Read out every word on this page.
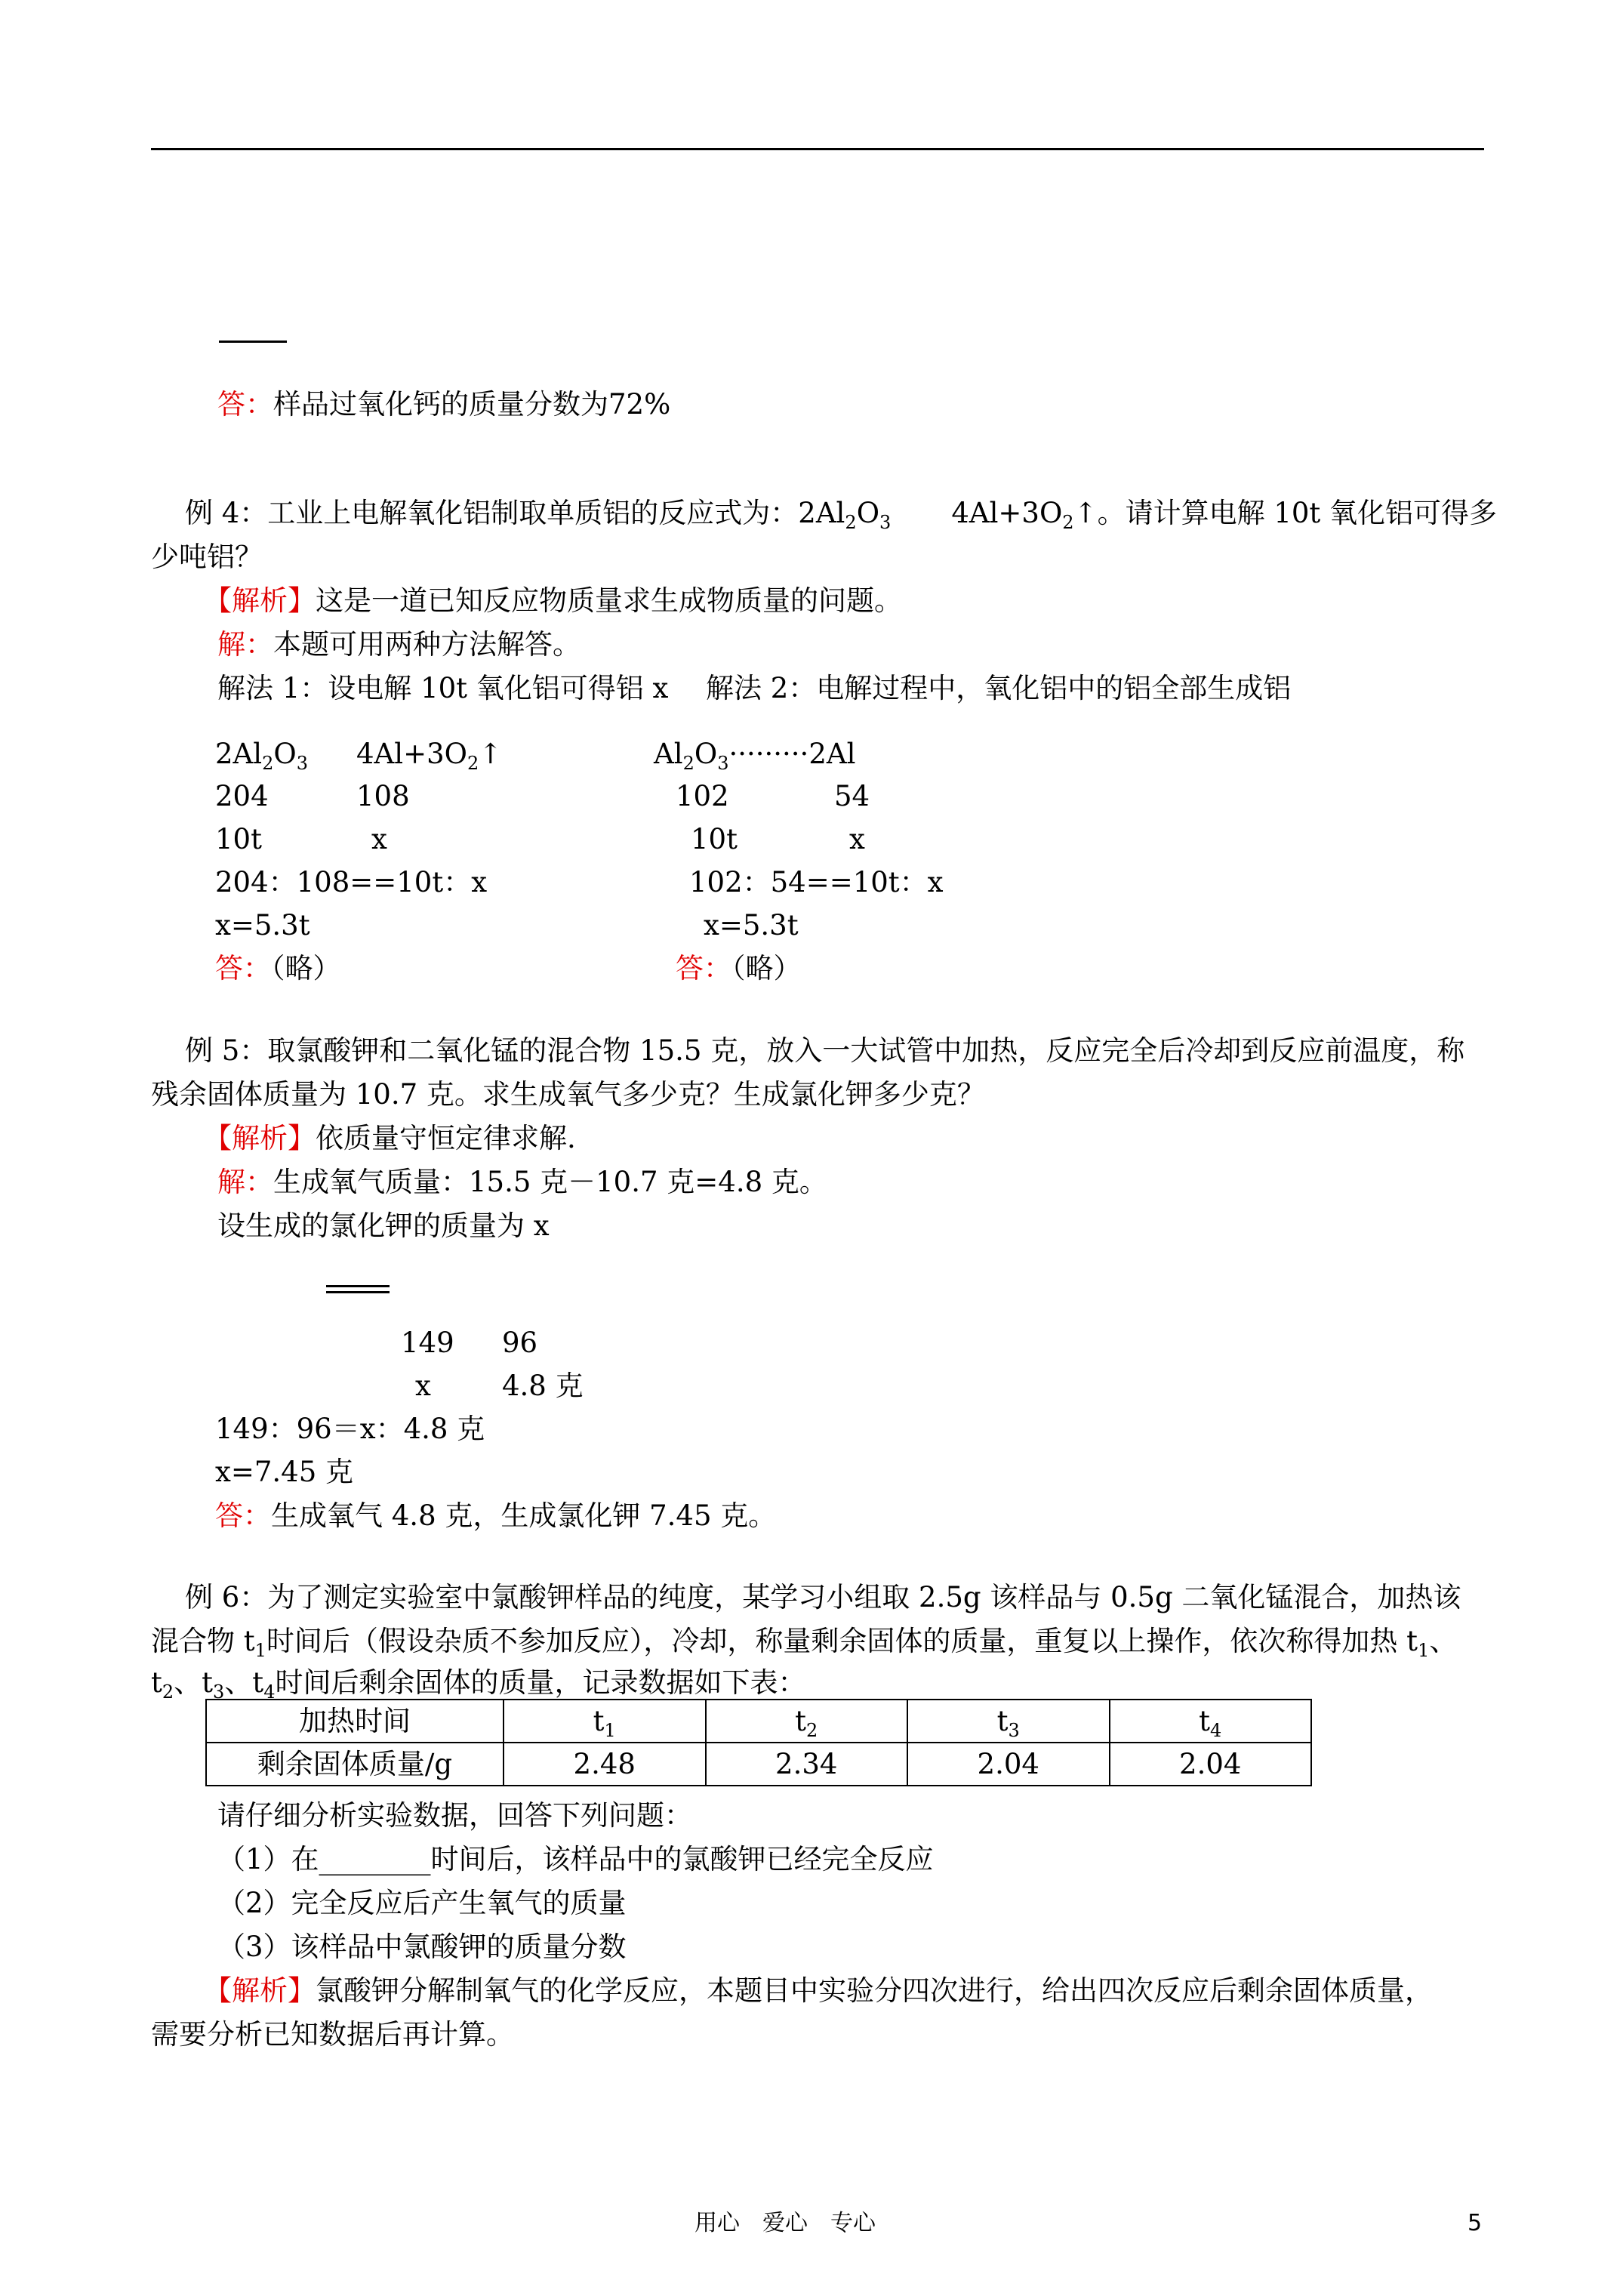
答：样品过氧化钙的质量分数为72%
例 4：工业上电解氧化铝制取单质铝的反应式为：$2Al_2O_3$ $4Al+3O_2↑$。请计算电解 10t 氧化铝可得多
少吨铝？
【解析】这是一道已知反应物质量求生成物质量的问题。
解：本题可用两种方法解答。
解法 1：设电解 10t 氧化铝可得铝 x 解法 2：电解过程中，氧化铝中的铝全部生成铝
$2Al_2O_3$ $4Al+3O_2↑$
204	108
10t	x
204：108==10t：x
x=5.3t
答：（略）
$Al_2O_3\cdot\cdot\cdot\cdot\cdot\cdot\cdot\cdot\cdot 2Al$
102	54
10t	x
102：54==10t：x
x=5.3t
答：（略）
例 5：取氯酸钾和二氧化锰的混合物 15.5 克，放入一大试管中加热，反应完全后冷却到反应前温度，称
残余固体质量为 10.7 克。求生成氧气多少克？生成氯化钾多少克？
【解析】依质量守恒定律求解.
解：生成氧气质量：15.5 克－10.7 克=4.8 克。
设生成的氯化钾的质量为 x
149 96
x	4.8 克
149：96＝x：4.8 克
x=7.45 克
答：生成氧气 4.8 克，生成氯化钾 7.45 克。
例 6：为了测定实验室中氯酸钾样品的纯度，某学习小组取 2.5g 该样品与 0.5g 二氧化锰混合，加热该
混合物 $t_1$时间后（假设杂质不参加反应），冷却，称量剩余固体的质量，重复以上操作，依次称得加热 $t_1$、
$t_2$、$t_3$、$t_4$时间后剩余固体的质量，记录数据如下表：
加热时间	$t_1$	$t_2$	$t_3$	$t_4$
剩余固体质量/g	2.48	2.34	2.04	2.04
请仔细分析实验数据，回答下列问题：
（1）在________时间后，该样品中的氯酸钾已经完全反应
（2）完全反应后产生氧气的质量
（3）该样品中氯酸钾的质量分数
【解析】氯酸钾分解制氧气的化学反应，本题目中实验分四次进行，给出四次反应后剩余固体质量，
需要分析已知数据后再计算。
用心　爱心　专心	5
